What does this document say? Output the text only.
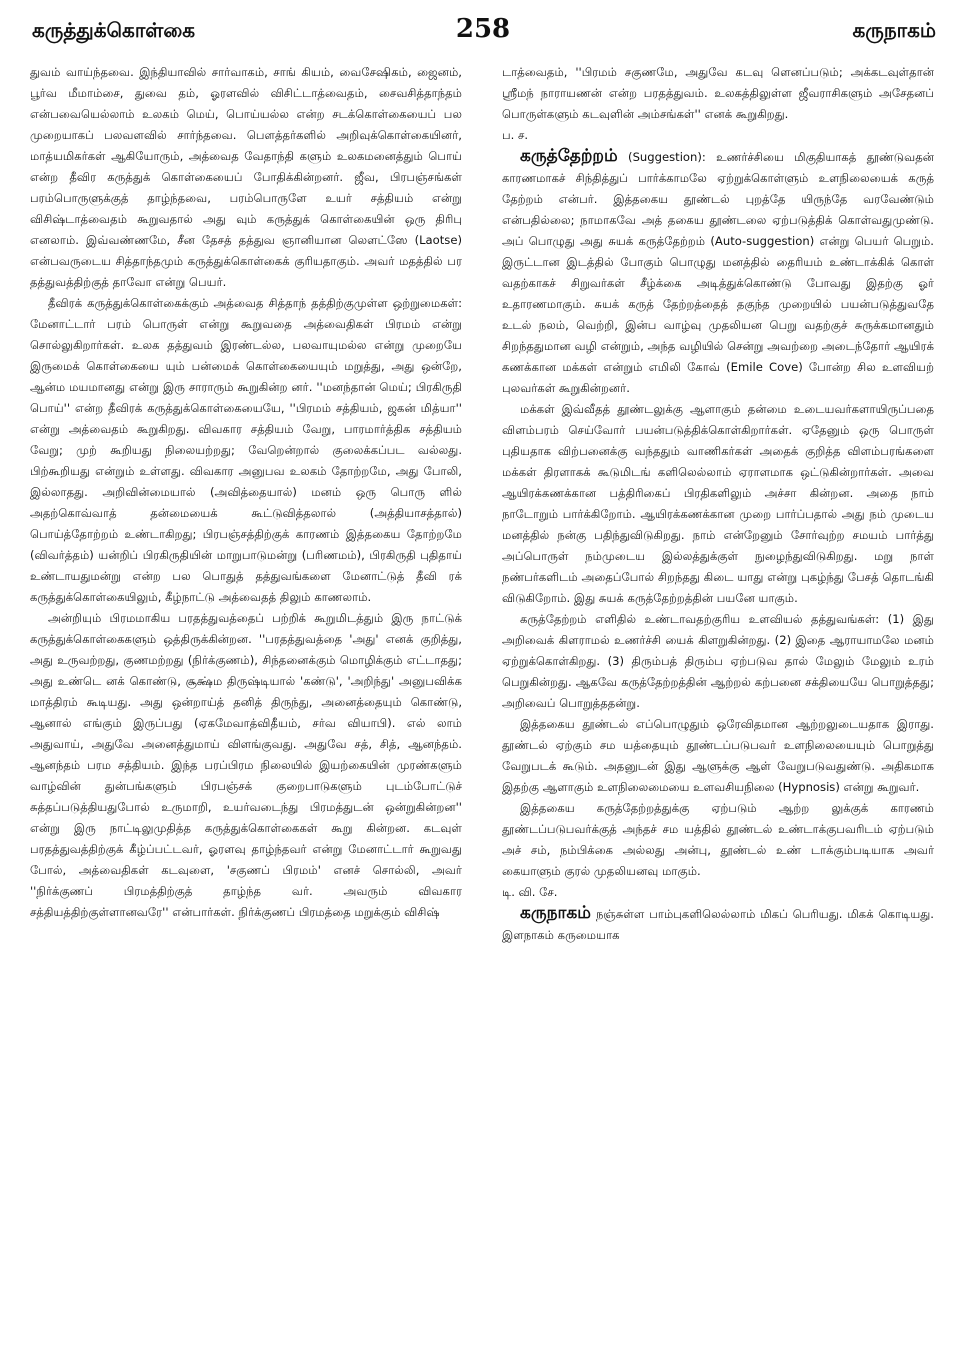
கருத்துக்கொள்கை	258	கருநாகம்

துவம் வாய்ந்தவை. இந்தியாவில் சார்வாகம், சாங் கியம், வைசேஷிகம், ஜைனம், பூர்வ மீமாம்சை, துவை தம், ஓரளவில் விசிட்டாத்வைதம், சைவசித்தாந்தம் என்பவையெல்லாம் உலகம் மெய், பொய்யல்ல என்ற சடக்கொள்கையைப் பல முறையாகப் பலவளவில் சார்ந்தவை. பௌத்தர்களில் அறிவுக்கொள்கையினர், மாத்யமிகர்கள் ஆகியோரும், அத்வைத வேதாந்தி களும் உலகமனைத்தும் பொய் என்ற தீவிர கருத்துக் கொள்கையைப் போதிக்கின்றனர். ஜீவ, பிரபஞ்சங்கள் பரம்பொருளுக்குத் தாழ்ந்தவை, பரம்பொருளே உயர் சத்தியம் என்று விசிஷ்டாத்வைதம் கூறுவதால் அது வும் கருத்துக் கொள்கையின் ஒரு திரிபு எனலாம். இவ்வண்ணமே, சீன தேசத் தத்துவ ஞானியான லௌட்ஸே (Laotse) என்பவருடைய சித்தாந்தமும் கருத்துக்கொள்கைக் குரியதாகும். அவர் மதத்தில் பர தத்துவத்திற்குத் தாவோ என்று பெயர்.

தீவிரக் கருத்துக்கொள்கைக்கும் அத்வைத சித்தாந் தத்திற்குமுள்ள ஒற்றுமைகள்: மேனாட்டார் பரம் பொருள் என்று கூறுவதை அத்வைதிகள் பிரமம் என்று சொல்லுகிறார்கள். உலக தத்துவம் இரண்டல்ல, பலவாயுமல்ல என்று முறையே இருமைக் கொள்கையை யும் பன்மைக் கொள்கையையும் மறுத்து, அது ஒன்றே, ஆன்ம மயமானது என்று இரு சாராரும் கூறுகின்ற னர். ''மனந்தான் மெய்; பிரகிருதி பொய்'' என்ற தீவிரக் கருத்துக்கொள்கையையே, ''பிரமம் சத்தியம், ஜகன் மித்யா'' என்று அத்வைதம் கூறுகிறது. விவகார சத்தியம் வேறு, பாரமார்த்திக சத்தியம் வேறு; முற் கூறியது நிலையற்றது; வேறென்றால் குலைக்கப்பட வல்லது. பிற்கூறியது என்றும் உள்ளது. விவகார அனுபவ உலகம் தோற்றமே, அது போலி, இல்லாதது. அறிவின்மையால் (அவித்தையால்) மனம் ஒரு பொரு ளில் அதற்கொவ்வாத் தன்மையைக் கூட்டுவித்தலால் (அத்தியாசத்தால்) பொய்த்தோற்றம் உண்டாகிறது; பிரபஞ்சத்திற்குக் காரணம் இத்தகைய தோற்றமே (விவர்த்தம்) யன்றிப் பிரகிருதியின் மாறுபாடுமன்று (பரிணமம்), பிரகிருதி புதிதாய் உண்டாயதுமன்று என்ற பல பொதுத் தத்துவங்களை மேனாட்டுத் தீவி ரக் கருத்துக்கொள்கையிலும், கீழ்நாட்டு அத்வைதத் திலும் காணலாம்.

அன்றியும் பிரமமாகிய பரதத்துவத்தைப் பற்றிக் கூறுமிடத்தும் இரு நாட்டுக் கருத்துக்கொள்கைகளும் ஒத்திருக்கின்றன. ''பரதத்துவத்தை 'அது' எனக் குறித்து, அது உருவற்றது, குணமற்றது (நிர்க்குணம்), சிந்தனைக்கும் மொழிக்கும் எட்டாதது; அது உண்டெ னக் கொண்டு, சூக்ஷ்ம திருஷ்டியால் 'கண்டு', 'அறிந்து' அனுபவிக்க மாத்திரம் கூடியது. அது ஒன்றாய்த் தனித் திருந்து, அனைத்தையும் கொண்டு, ஆனால் எங்கும் இருப்பது (ஏகமேவாத்விதீயம், சர்வ வியாபி). எல் லாம் அதுவாய், அதுவே அனைத்துமாய் விளங்குவது. அதுவே சத், சித், ஆனந்தம். ஆனந்தம் பரம சத்தியம். இந்த பரப்பிரம நிலையில் இயற்கையின் முரண்களும் வாழ்வின் துன்பங்களும் பிரபஞ்சக் குறைபாடுகளும் புடம்போட்டுச் சுத்தப்படுத்தியதுபோல் உருமாறி, உயர்வடைந்து பிரமத்துடன் ஒன்றுகின்றன'' என்று இரு நாட்டிலுமுதித்த கருத்துக்கொள்கைகள் கூறு கின்றன. கடவுள் பரதத்துவத்திற்குக் கீழ்ப்பட்டவர், ஓரளவு தாழ்ந்தவர் என்று மேனாட்டார் கூறுவது போல், அத்வைதிகள் கடவுளை, 'சகுணப் பிரமம்' எனச் சொல்லி, அவர் ''நிர்க்குணப் பிரமத்திற்குத் தாழ்ந்த வர். அவரும் விவகார சத்தியத்திற்குள்ளானவரே'' என்பார்கள். நிர்க்குணப் பிரமத்தை மறுக்கும் விசிஷ்

டாத்வைதம், ''பிரமம் சகுணமே, அதுவே கடவு ளெனப்படும்; அக்கடவுள்தான் ஸ்ரீமந் நாராயணன் என்ற பரதத்துவம். உலகத்திலுள்ள ஜீவராசிகளும் அசேதனப் பொருள்களும் கடவுளின் அம்சங்கள்'' எனக் கூறுகிறது.

ப. ச.

கருத்தேற்றம் (Suggestion): உணர்ச்சியை மிகுதியாகத் தூண்டுவதன் காரணமாகச் சிந்தித்துப் பார்க்காமலே ஏற்றுக்கொள்ளும் உளநிலையைக் கருத் தேற்றம் என்பர். இத்தகைய தூண்டல் புறத்தே யிருந்தே வரவேண்டும் என்பதில்லை; நாமாகவே அத் தகைய தூண்டலை ஏற்படுத்திக் கொள்வதுமுண்டு. அப் பொழுது அது சுயக் கருத்தேற்றம் (Auto-suggestion) என்று பெயர் பெறும். இருட்டான இடத்தில் போகும் பொழுது மனத்தில் தைரியம் உண்டாக்கிக் கொள் வதற்காகச் சிறுவர்கள் சீழ்க்கை அடித்துக்கொண்டு போவது இதற்கு ஓர் உதாரணமாகும். சுயக் கருத் தேற்றத்தைத் தகுந்த முறையில் பயன்படுத்துவதே உடல் நலம், வெற்றி, இன்ப வாழ்வு முதலியன பெறு வதற்குச் சுருக்கமானதும் சிறந்ததுமான வழி என்றும், அந்த வழியில் சென்று அவற்றை அடைந்தோர் ஆயிரக் கணக்கான மக்கள் என்றும் எமிலி கோவ் (Emile Cove) போன்ற சில உளவியற் புலவர்கள் கூறுகின்றனர்.

மக்கள் இவ்வீதத் தூண்டலுக்கு ஆளாகும் தன்மை உடையவர்களாயிருப்பதை விளம்பரம் செய்வோர் பயன்படுத்திக்கொள்கிறார்கள். ஏதேனும் ஒரு பொருள் புதியதாக விற்பனைக்கு வந்ததும் வாணிகர்கள் அதைக் குறித்த விளம்பரங்களை மக்கள் திரளாகக் கூடுமிடங் களிலெல்லாம் ஏராளமாக ஒட்டுகின்றார்கள். அவை ஆயிரக்கணக்கான பத்திரிகைப் பிரதிகளிலும் அச்சா கின்றன. அதை நாம் நாடோறும் பார்க்கிறோம். ஆயிரக்கணக்கான முறை பார்ப்பதால் அது நம் முடைய மனத்தில் நன்கு பதிந்துவிடுகிறது. நாம் என்றேனும் சோர்வுற்ற சமயம் பார்த்து அப்பொருள் நம்முடைய இல்லத்துக்குள் நுழைந்துவிடுகிறது. மறு நாள் நண்பர்களிடம் அதைப்போல் சிறந்தது கிடை யாது என்று புகழ்ந்து பேசத் தொடங்கி விடுகிறோம். இது சுயக் கருத்தேற்றத்தின் பயனே யாகும்.

கருத்தேற்றம் எளிதில் உண்டாவதற்குரிய உளவியல் தத்துவங்கள்: (1) இது அறிவைக் கிளராமல் உணர்ச்சி யைக் கிளறுகின்றது. (2) இதை ஆராயாமலே மனம் ஏற்றுக்கொள்கிறது. (3) திரும்பத் திரும்ப ஏற்படுவ தால் மேலும் மேலும் உரம் பெறுகின்றது. ஆகவே கருத்தேற்றத்தின் ஆற்றல் கற்பனை சக்தியையே பொறுத்தது; அறிவைப் பொறுத்ததன்று.

இத்தகைய தூண்டல் எப்பொழுதும் ஒரேவிதமான ஆற்றலுடையதாக இராது. தூண்டல் ஏற்கும் சம யத்தையும் தூண்டப்படுபவர் உளநிலையையும் பொறுத்து வேறுபடக் கூடும். அதனுடன் இது ஆளுக்கு ஆள் வேறுபடுவதுண்டு. அதிகமாக இதற்கு ஆளாகும் உளநிலைமையை உளவசியநிலை (Hypnosis) என்று கூறுவர்.

இத்தகைய கருத்தேற்றத்துக்கு ஏற்படும் ஆற்ற லுக்குக் காரணம் தூண்டப்படுபவர்க்குத் அந்தச் சம யத்தில் தூண்டல் உண்டாக்குபவரிடம் ஏற்படும் அச் சம், நம்பிக்கை அல்லது அன்பு, தூண்டல் உண் டாக்கும்படியாக அவர் கையாளும் குரல் முதலியனவு மாகும்.

டி. வி. சே.

கருநாகம் நஞ்சுள்ள பாம்புகளிலெல்லாம் மிகப் பெரியது. மிகக் கொடியது. இளநாகம் கருமையாக
